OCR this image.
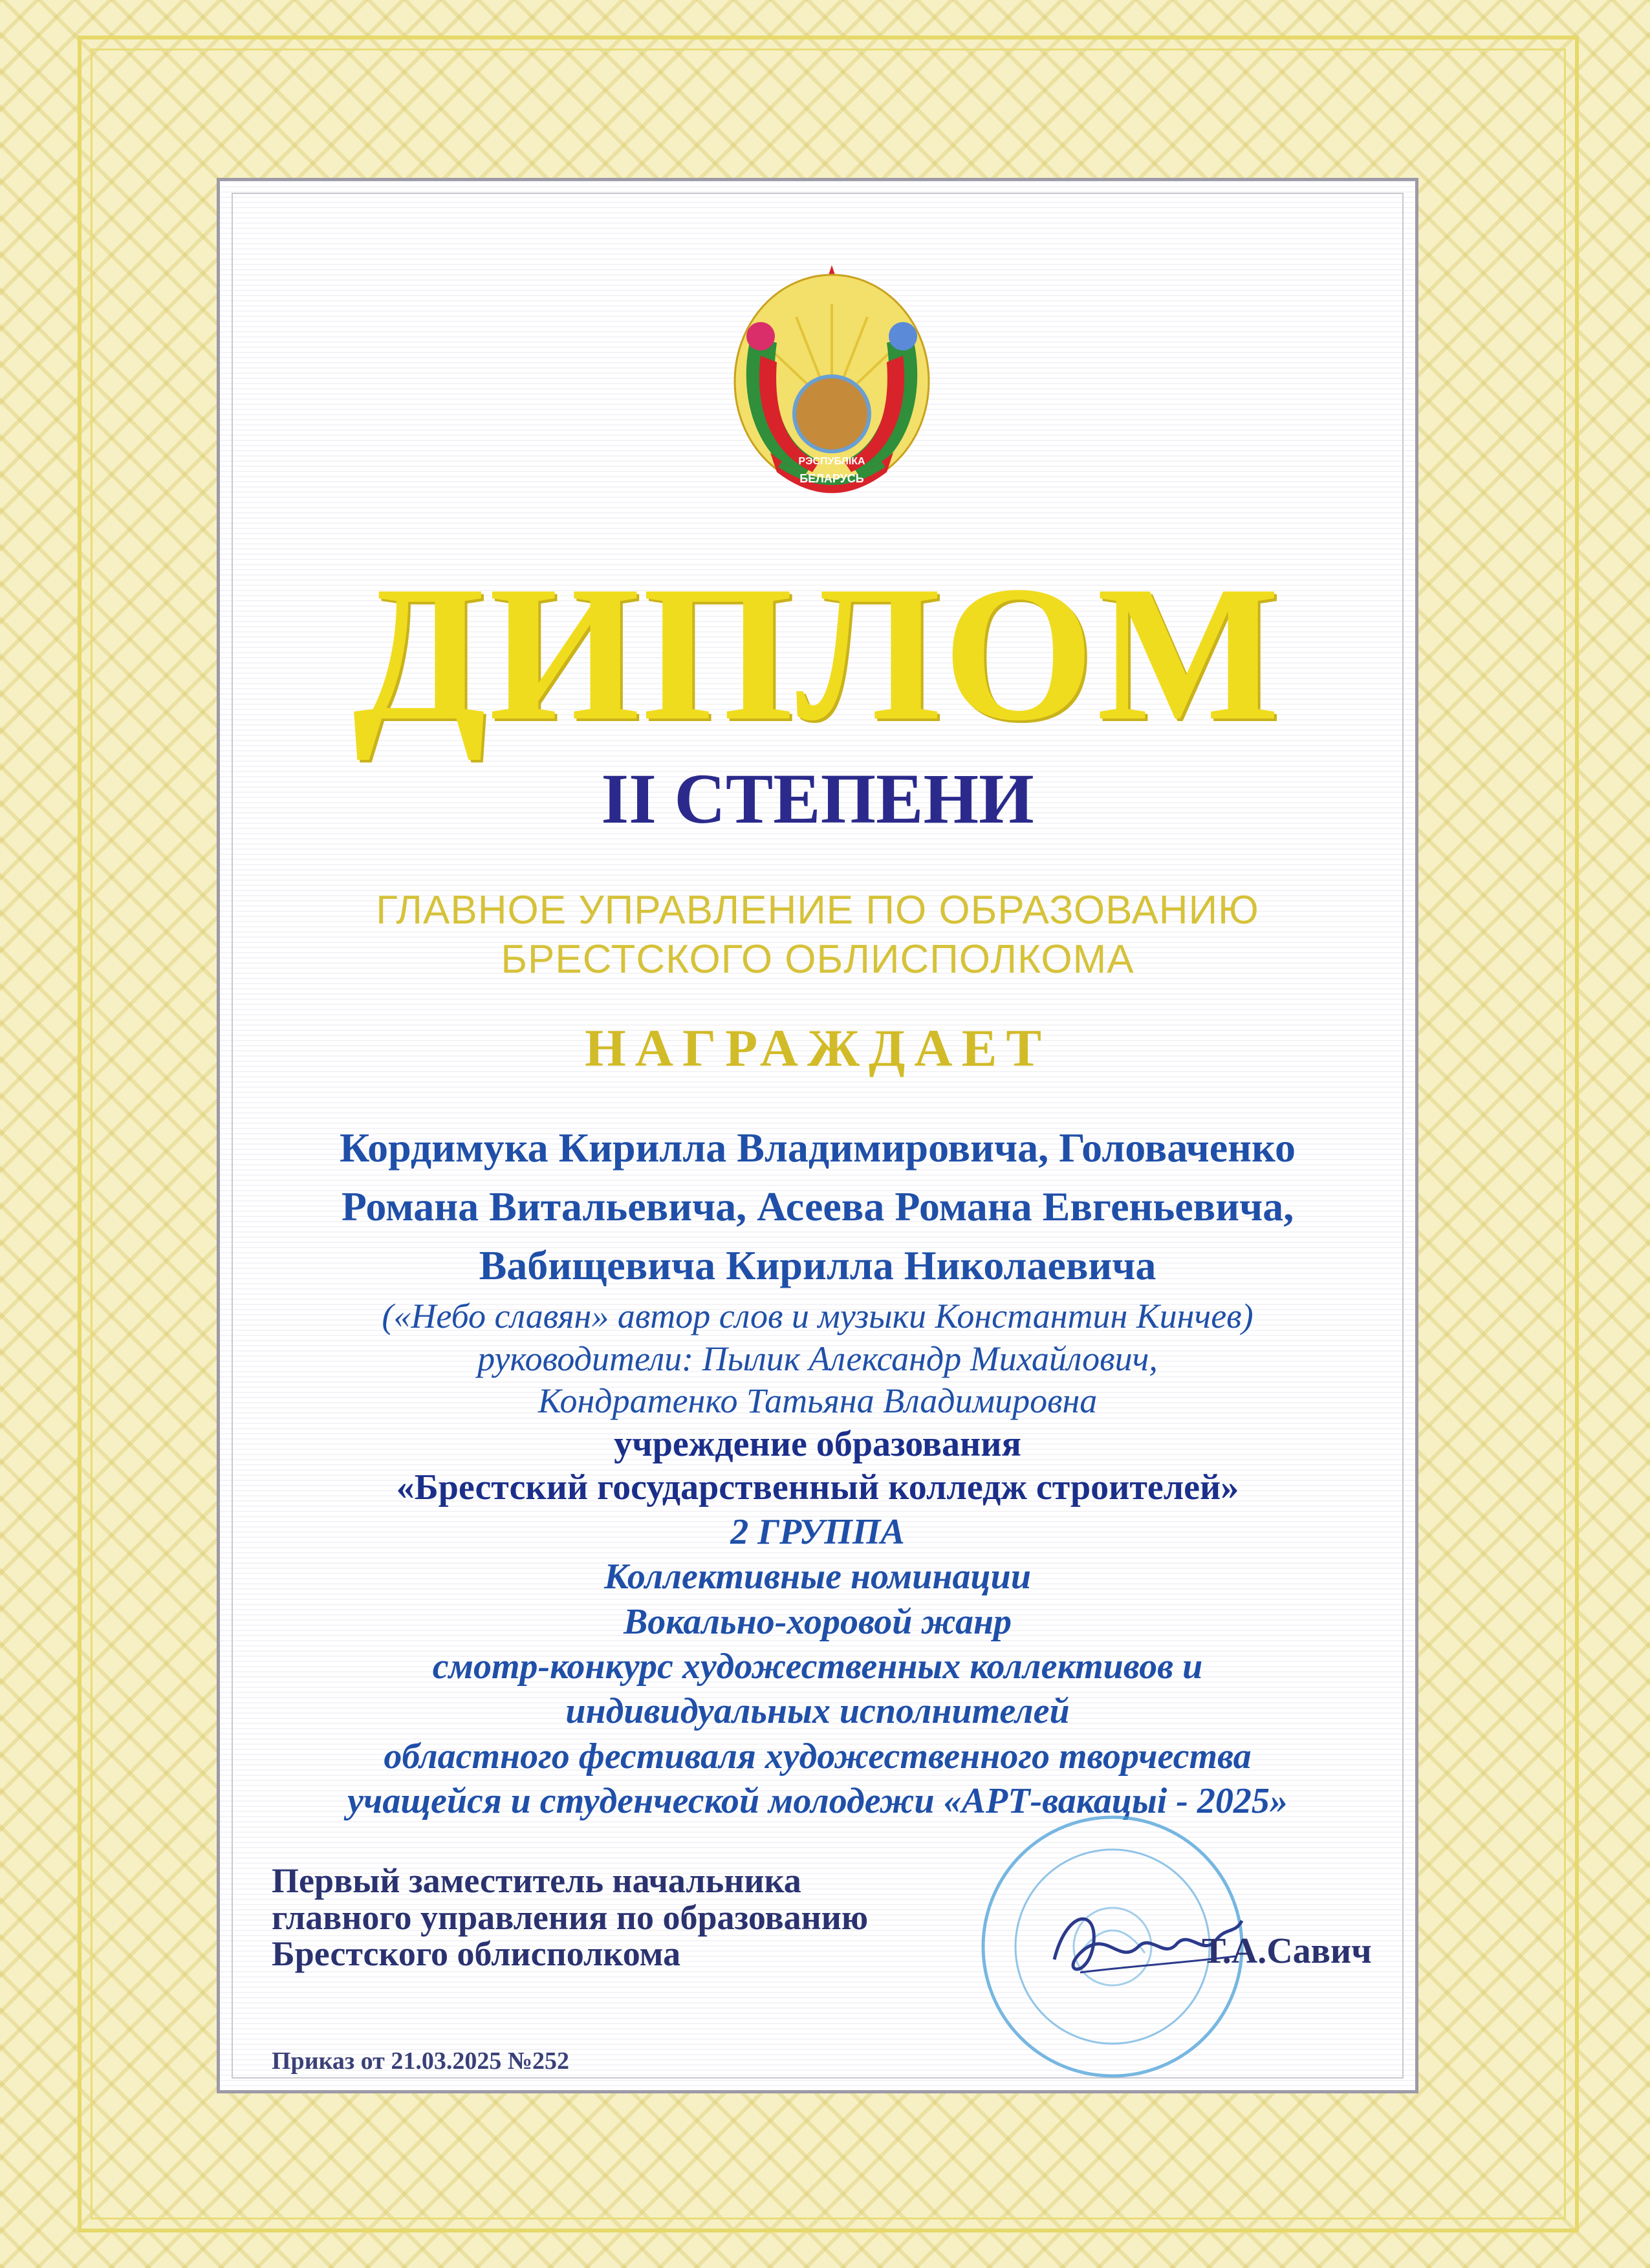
РЭСПУБЛІКА
БЕЛАРУСЬ
ДИПЛОМ
II СТЕПЕНИ
ГЛАВНОЕ УПРАВЛЕНИЕ ПО ОБРАЗОВАНИЮ
БРЕСТСКОГО ОБЛИСПОЛКОМА
НАГРАЖДАЕТ
Кордимука Кирилла Владимировича, Головаченко
Романа Витальевича, Асеева Романа Евгеньевича,
Вабищевича Кирилла Николаевича
(«Небо славян» автор слов и музыки Константин Кинчев)
руководители: Пылик Александр Михайлович,
Кондратенко Татьяна Владимировна
учреждение образования
«Брестский государственный колледж строителей»
2 ГРУППА
Коллективные номинации
Вокально-хоровой жанр
смотр-конкурс художественных коллективов и
индивидуальных исполнителей
областного фестиваля художественного творчества
учащейся и студенческой молодежи «АРТ-вакацыі - 2025»
Первый заместитель начальника
главного управления по образованию
Брестского облисполкома	Т.А.Савич
Приказ от 21.03.2025 №252
